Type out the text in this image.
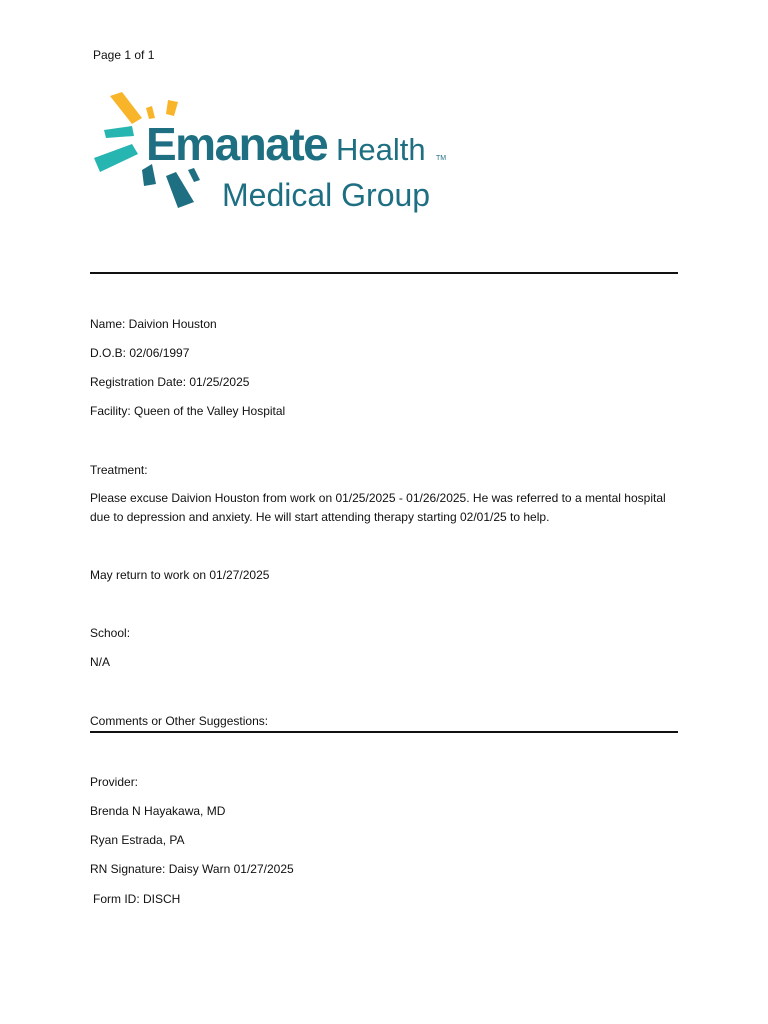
Page 1 of 1
Emanate Health TM
Medical Group
Name: Daivion Houston
D.O.B: 02/06/1997
Registration Date: 01/25/2025
Facility: Queen of the Valley Hospital
Treatment:
Please excuse Daivion Houston from work on 01/25/2025 - 01/26/2025. He was referred to a mental hospital due to depression and anxiety. He will start attending therapy starting 02/01/25 to help.
May return to work on 01/27/2025
School:
N/A
Comments or Other Suggestions:
Provider:
Brenda N Hayakawa, MD
Ryan Estrada, PA
RN Signature: Daisy Warn 01/27/2025
Form ID: DISCH
